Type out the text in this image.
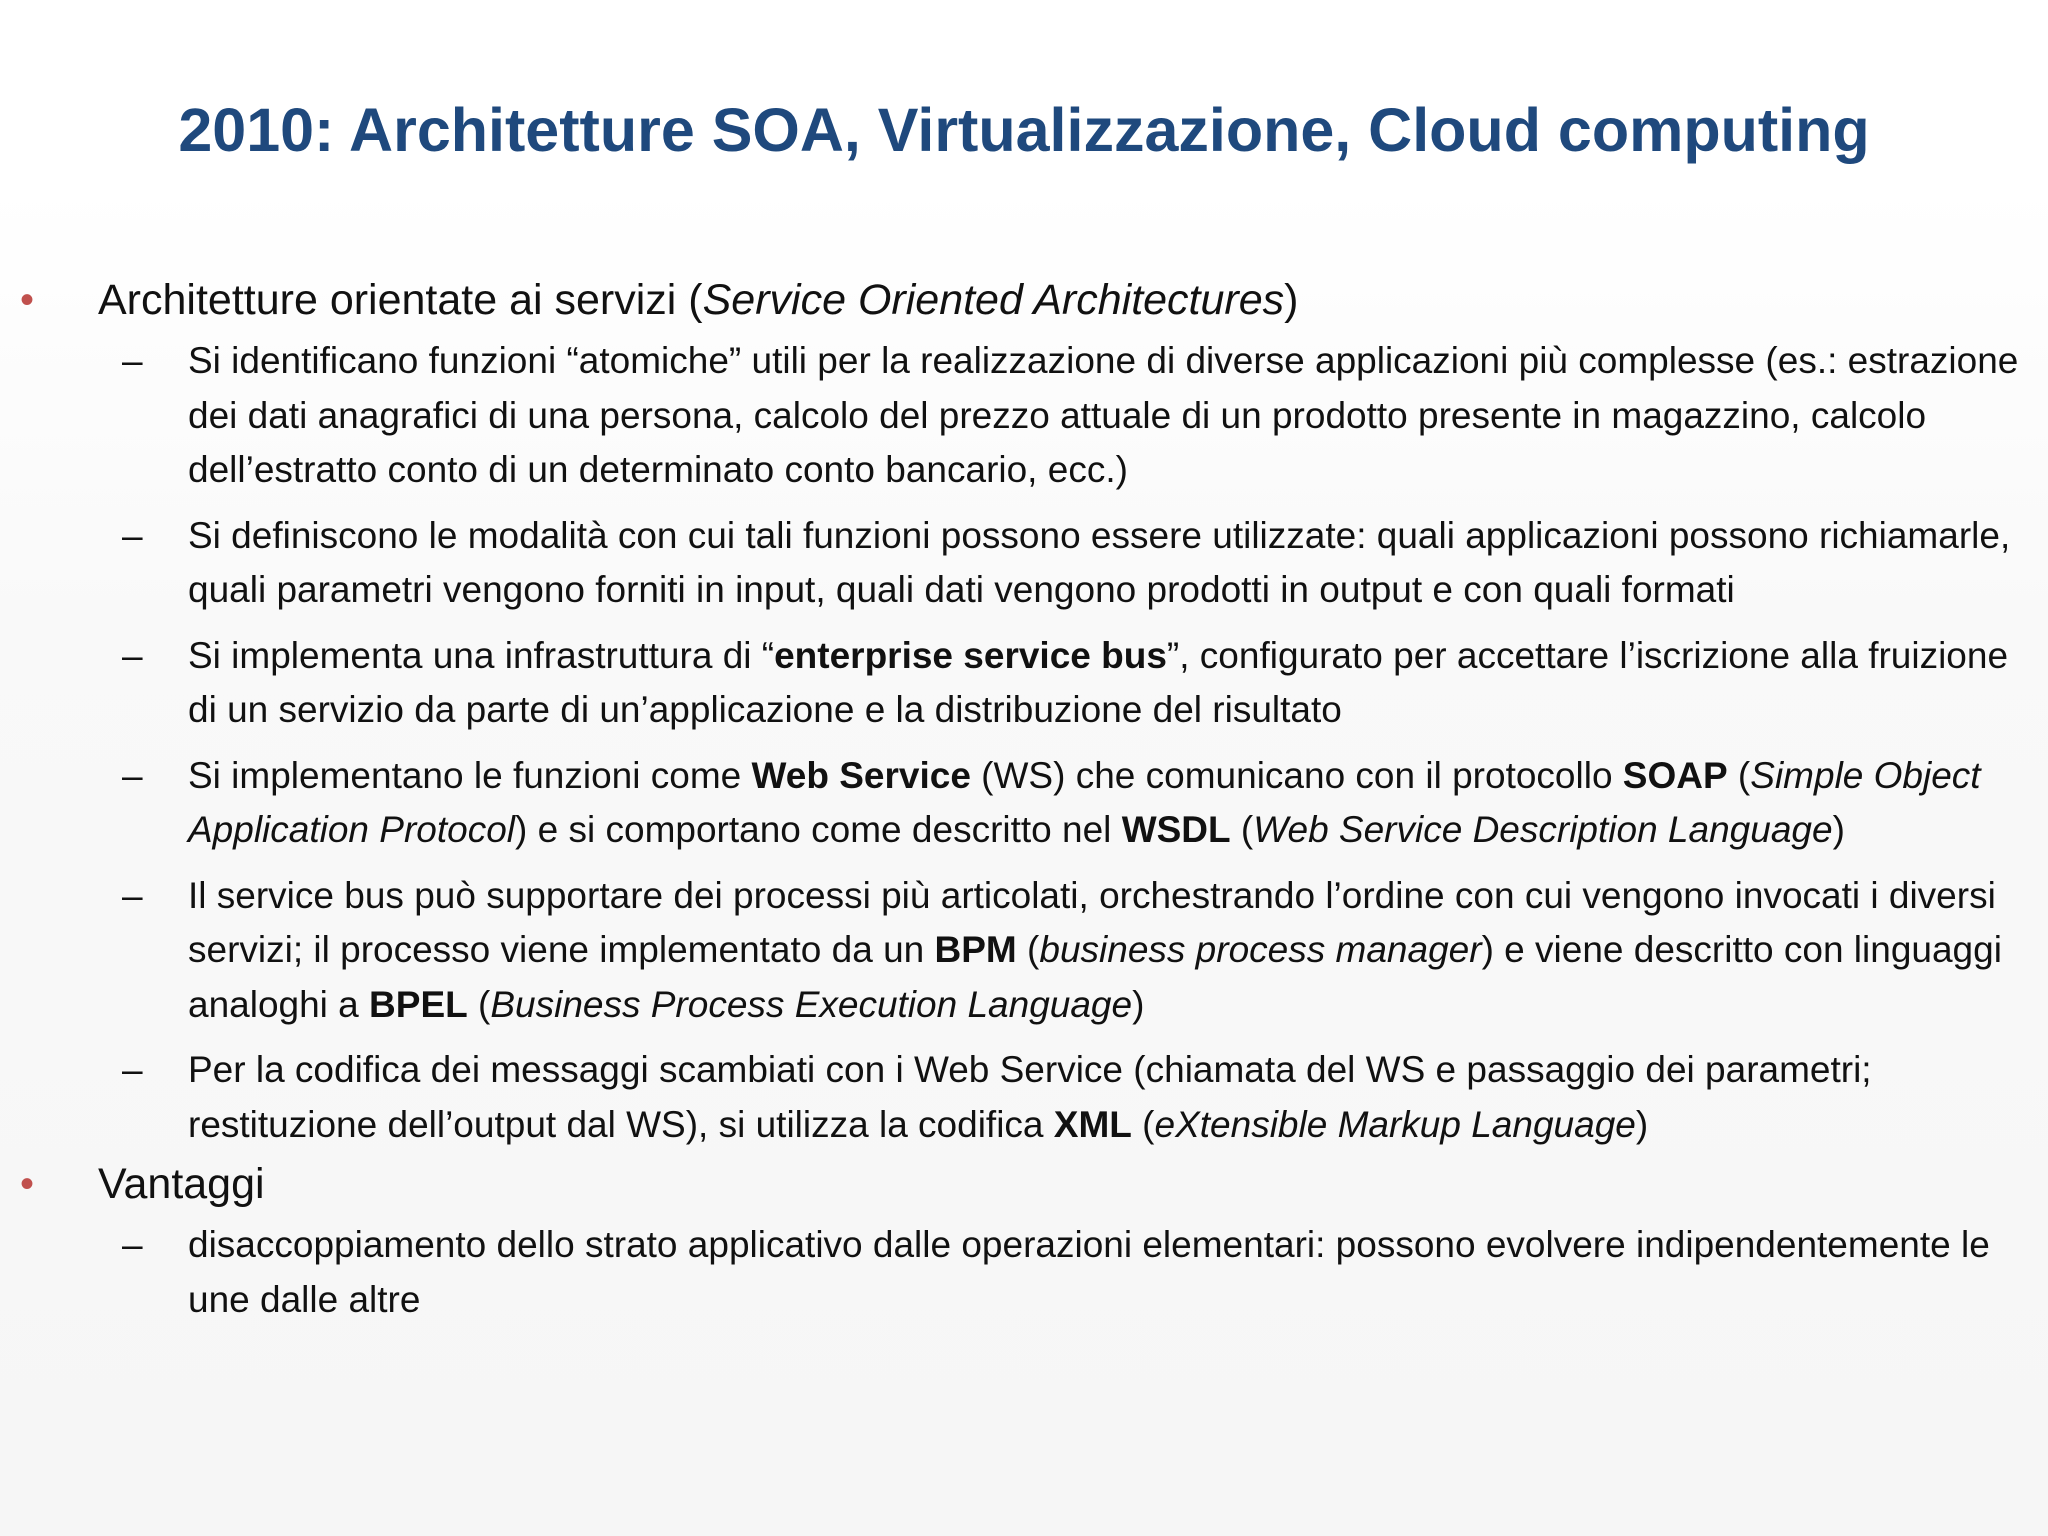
2010: Architetture SOA, Virtualizzazione, Cloud computing
• Architetture orientate ai servizi (Service Oriented Architectures)
– Si identificano funzioni “atomiche” utili per la realizzazione di diverse applicazioni più complesse (es.: estrazione dei dati anagrafici di una persona, calcolo del prezzo attuale di un prodotto presente in magazzino, calcolo dell’estratto conto di un determinato conto bancario, ecc.)
– Si definiscono le modalità con cui tali funzioni possono essere utilizzate: quali applicazioni possono richiamarle, quali parametri vengono forniti in input, quali dati vengono prodotti in output e con quali formati
– Si implementa una infrastruttura di “enterprise service bus”, configurato per accettare l’iscrizione alla fruizione di un servizio da parte di un’applicazione e la distribuzione del risultato
– Si implementano le funzioni come Web Service (WS) che comunicano con il protocollo SOAP (Simple Object Application Protocol) e si comportano come descritto nel WSDL (Web Service Description Language)
– Il service bus può supportare dei processi più articolati, orchestrando l’ordine con cui vengono invocati i diversi servizi; il processo viene implementato da un BPM (business process manager) e viene descritto con linguaggi analoghi a BPEL (Business Process Execution Language)
– Per la codifica dei messaggi scambiati con i Web Service (chiamata del WS e passaggio dei parametri; restituzione dell’output dal WS), si utilizza la codifica XML (eXtensible Markup Language)
• Vantaggi
– disaccoppiamento dello strato applicativo dalle operazioni elementari: possono evolvere indipendentemente le une dalle altre
